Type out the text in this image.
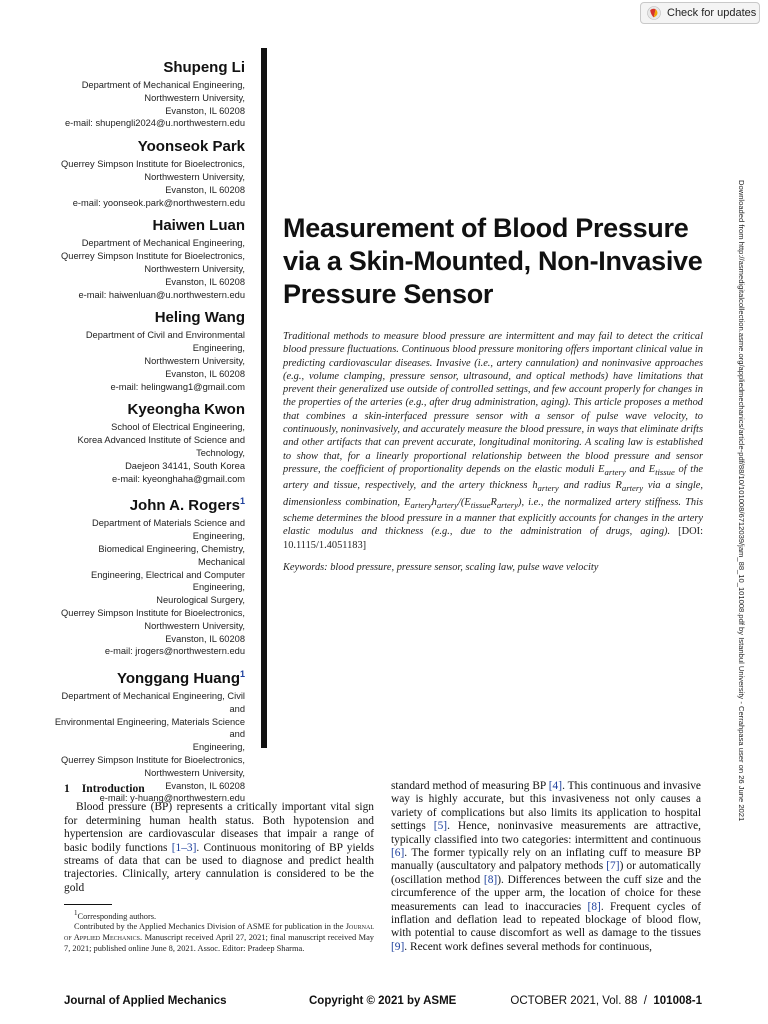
Check for updates
Shupeng Li
Department of Mechanical Engineering,
Northwestern University,
Evanston, IL 60208
e-mail: shupengli2024@u.northwestern.edu
Yoonseok Park
Querrey Simpson Institute for Bioelectronics,
Northwestern University,
Evanston, IL 60208
e-mail: yoonseok.park@northwestern.edu
Haiwen Luan
Department of Mechanical Engineering,
Querrey Simpson Institute for Bioelectronics,
Northwestern University,
Evanston, IL 60208
e-mail: haiwenluan@u.northwestern.edu
Heling Wang
Department of Civil and Environmental
Engineering,
Northwestern University,
Evanston, IL 60208
e-mail: helingwang1@gmail.com
Kyeongha Kwon
School of Electrical Engineering,
Korea Advanced Institute of Science and
Technology,
Daejeon 34141, South Korea
e-mail: kyeonghaha@gmail.com
John A. Rogers$^1$
Department of Materials Science and Engineering,
Biomedical Engineering, Chemistry, Mechanical
Engineering, Electrical and Computer Engineering,
Neurological Surgery,
Querrey Simpson Institute for Bioelectronics,
Northwestern University,
Evanston, IL 60208
e-mail: jrogers@northwestern.edu
Yonggang Huang$^1$
Department of Mechanical Engineering, Civil and
Environmental Engineering, Materials Science and
Engineering,
Querrey Simpson Institute for Bioelectronics,
Northwestern University,
Evanston, IL 60208
e-mail: y-huang@northwestern.edu
Measurement of Blood Pressure via a Skin-Mounted, Non-Invasive Pressure Sensor
Traditional methods to measure blood pressure are intermittent and may fail to detect the critical blood pressure fluctuations. Continuous blood pressure monitoring offers important clinical value in predicting cardiovascular diseases. Invasive (i.e., artery cannulation) and noninvasive approaches (e.g., volume clamping, pressure sensor, ultrasound, and optical methods) have limitations that prevent their generalized use outside of controlled settings, and few account properly for changes in the properties of the arteries (e.g., after drug administration, aging). This article proposes a method that combines a skin-interfaced pressure sensor with a sensor of pulse wave velocity, to continuously, noninvasively, and accurately measure the blood pressure, in ways that eliminate drifts and other artifacts that can prevent accurate, longitudinal monitoring. A scaling law is established to show that, for a linearly proportional relationship between the blood pressure and sensor pressure, the coefficient of proportionality depends on the elastic moduli $E_{artery}$ and $E_{tissue}$ of the artery and tissue, respectively, and the artery thickness $h_{artery}$ and radius $R_{artery}$ via a single, dimensionless combination, $E_{artery}h_{artery}/(E_{tissue}R_{artery})$, i.e., the normalized artery stiffness. This scheme determines the blood pressure in a manner that explicitly accounts for changes in the artery elastic modulus and thickness (e.g., due to the administration of drugs, aging). [DOI: 10.1115/1.4051183]
Keywords: blood pressure, pressure sensor, scaling law, pulse wave velocity	Downloaded from http://asmedigitalcollection.asme.org/appliedmechanics/article-pdf/88/10/101008/6712039/jam_88_10_101008.pdf by Istanbul University - Cerrahpasa user on 26 June 2021
1 Introduction

Blood pressure (BP) represents a critically important vital sign for determining human health status. Both hypotension and hypertension are cardiovascular diseases that impair a range of basic bodily functions [1–3]. Continuous monitoring of BP yields streams of data that can be used to diagnose and predict health trajectories. Clinically, artery cannulation is considered to be the gold

standard method of measuring BP [4]. This continuous and invasive way is highly accurate, but this invasiveness not only causes a variety of complications but also limits its application to hospital settings [5]. Hence, noninvasive measurements are attractive, typically classified into two categories: intermittent and continuous [6]. The former typically rely on an inflating cuff to measure BP manually (auscultatory and palpatory methods [7]) or automatically (oscillation method [8]). Differences between the cuff size and the circumference of the upper arm, the location of choice for these measurements can lead to inaccuracies [8]. Frequent cycles of inflation and deflation lead to repeated blockage of blood flow, with potential to cause discomfort as well as damage to the tissues [9]. Recent work defines several methods for continuous,

$^1$Corresponding authors.

Contributed by the Applied Mechanics Division of ASME for publication in the Journal of Applied Mechanics. Manuscript received April 27, 2021; final manuscript received May 7, 2021; published online June 8, 2021. Assoc. Editor: Pradeep Sharma.

Journal of Applied Mechanics	Copyright © 2021 by ASME	OCTOBER 2021, Vol. 88  /  101008-1
